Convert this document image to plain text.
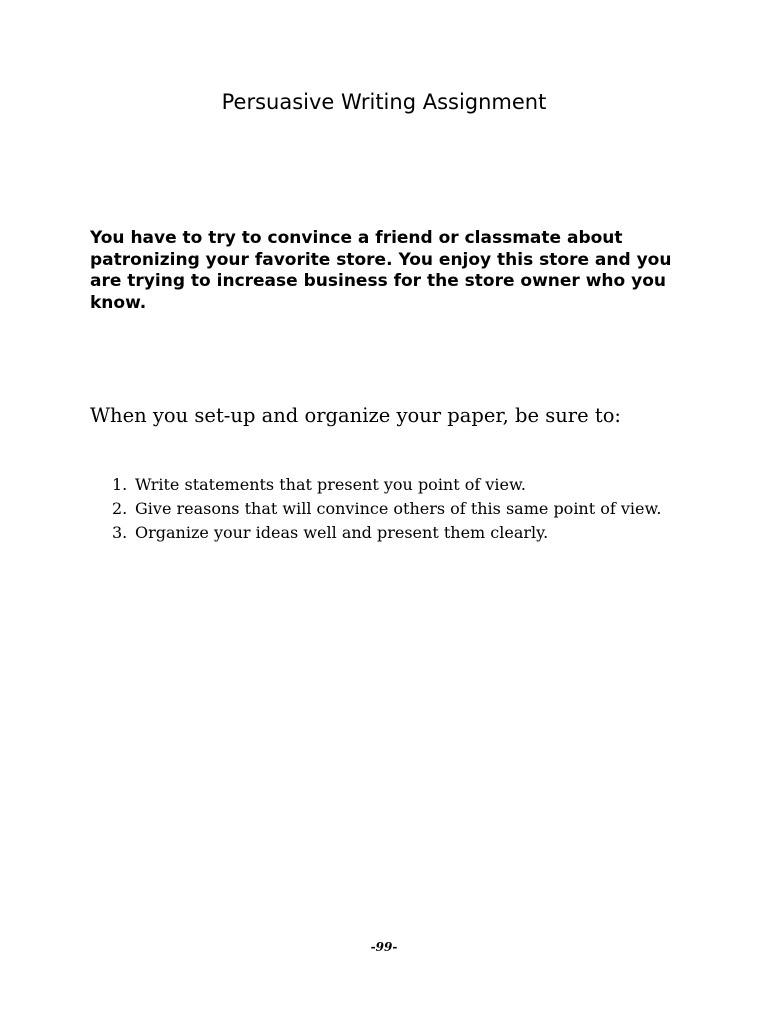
Persuasive Writing Assignment

You have to try to convince a friend or classmate about patronizing your favorite store. You enjoy this store and you are trying to increase business for the store owner who you know.

When you set-up and organize your paper, be sure to:

1. Write statements that present you point of view.
2. Give reasons that will convince others of this same point of view.
3. Organize your ideas well and present them clearly.
-99-
